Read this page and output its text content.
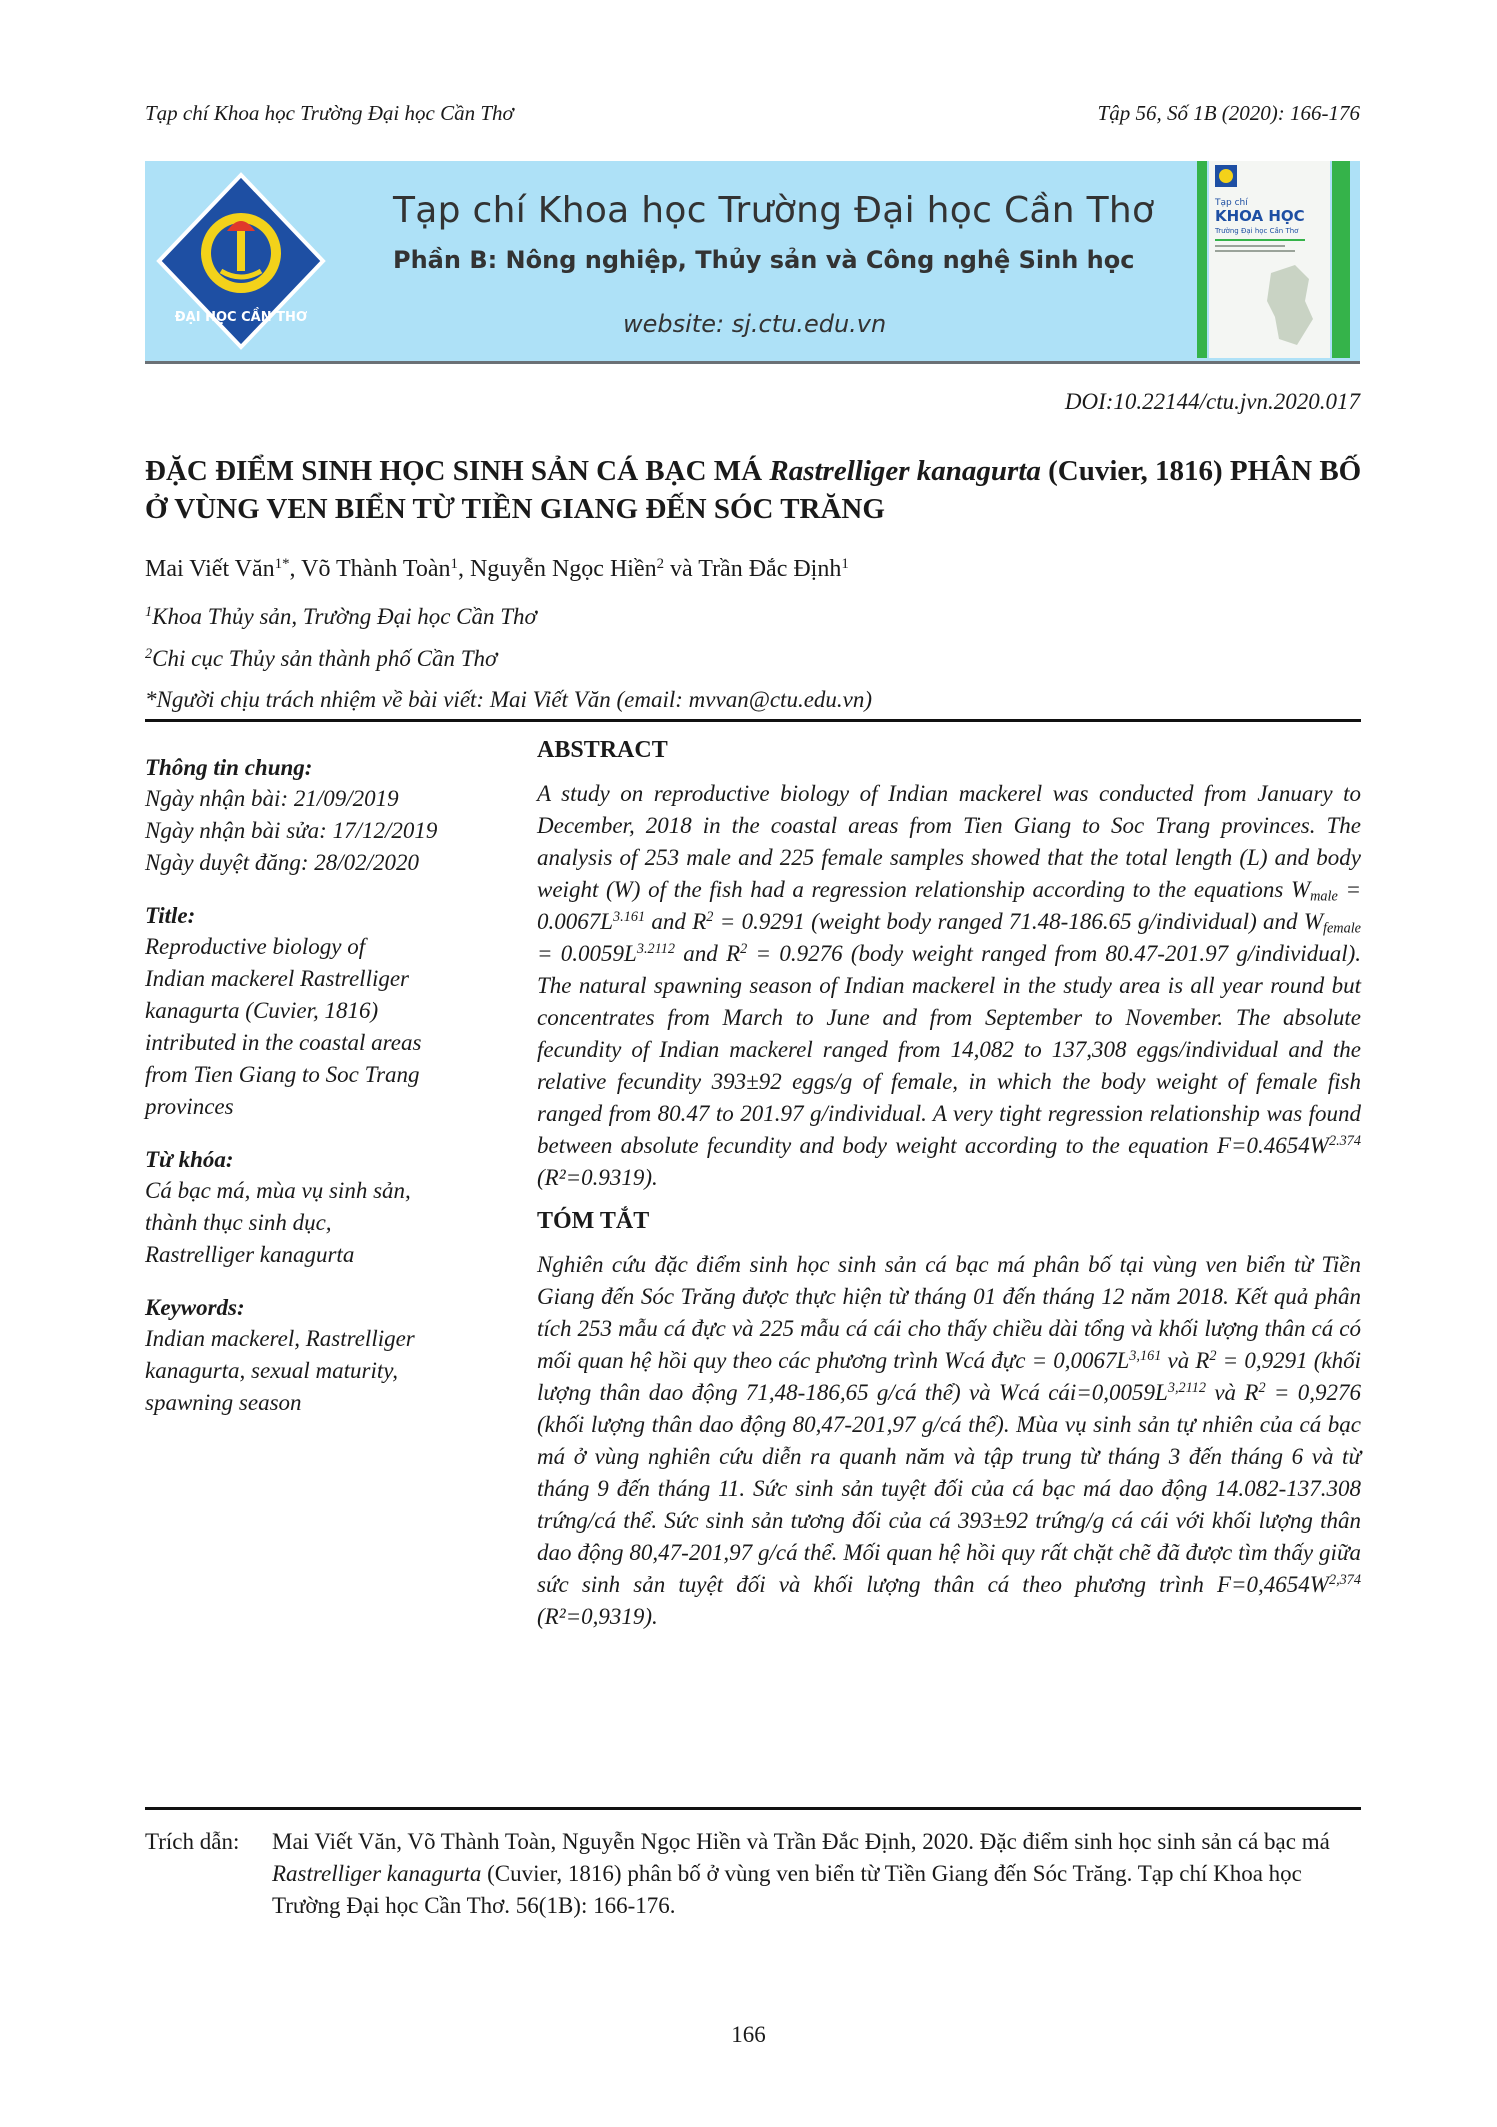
Tạp chí Khoa học Trường Đại học Cần Thơ	Tập 56, Số 1B (2020): 166-176
ĐẠI HỌC CẦN THƠ
Tạp chí Khoa học Trường Đại học Cần Thơ
Phần B: Nông nghiệp, Thủy sản và Công nghệ Sinh học
website: sj.ctu.edu.vn
Tạp chí
KHOA HỌC
Trường Đại học Cần Thơ
DOI:10.22144/ctu.jvn.2020.017
ĐẶC ĐIỂM SINH HỌC SINH SẢN CÁ BẠC MÁ Rastrelliger kanagurta (Cuvier, 1816) PHÂN BỐ Ở VÙNG VEN BIỂN TỪ TIỀN GIANG ĐẾN SÓC TRĂNG
Mai Viết Văn$^{1*}$, Võ Thành Toàn$^1$, Nguyễn Ngọc Hiền$^2$ và Trần Đắc Định$^1$
$^1$Khoa Thủy sản, Trường Đại học Cần Thơ
$^2$Chi cục Thủy sản thành phố Cần Thơ
*Người chịu trách nhiệm về bài viết: Mai Viết Văn (email: mvvan@ctu.edu.vn)
Thông tin chung:
Ngày nhận bài: 21/09/2019
Ngày nhận bài sửa: 17/12/2019
Ngày duyệt đăng: 28/02/2020
Title:
Reproductive biology of
Indian mackerel Rastrelliger
kanagurta (Cuvier, 1816)
intributed in the coastal areas
from Tien Giang to Soc Trang
provinces
Từ khóa:
Cá bạc má, mùa vụ sinh sản,
thành thục sinh dục,
Rastrelliger kanagurta
Keywords:
Indian mackerel, Rastrelliger
kanagurta, sexual maturity,
spawning season
ABSTRACT
A study on reproductive biology of Indian mackerel was conducted from January to December, 2018 in the coastal areas from Tien Giang to Soc Trang provinces. The analysis of 253 male and 225 female samples showed that the total length (L) and body weight (W) of the fish had a regression relationship according to the equations $W_{male} = 0.0067L^{3.161}$ and $R^2 = 0.9291$ (weight body ranged 71.48-186.65 g/individual) and $W_{female} = 0.0059L^{3.2112}$ and $R^2 = 0.9276$ (body weight ranged from 80.47-201.97 g/individual). The natural spawning season of Indian mackerel in the study area is all year round but concentrates from March to June and from September to November. The absolute fecundity of Indian mackerel ranged from 14,082 to 137,308 eggs/individual and the relative fecundity 393±92 eggs/g of female, in which the body weight of female fish ranged from 80.47 to 201.97 g/individual. A very tight regression relationship was found between absolute fecundity and body weight according to the equation $F=0.4654W^{2.374}$ (R²=0.9319).
TÓM TẮT
Nghiên cứu đặc điểm sinh học sinh sản cá bạc má phân bố tại vùng ven biển từ Tiền Giang đến Sóc Trăng được thực hiện từ tháng 01 đến tháng 12 năm 2018. Kết quả phân tích 253 mẫu cá đực và 225 mẫu cá cái cho thấy chiều dài tổng và khối lượng thân cá có mối quan hệ hồi quy theo các phương trình Wcá đực = $0,0067L^{3,161}$ và $R^2 = 0,9291$ (khối lượng thân dao động 71,48-186,65 g/cá thể) và Wcá $cái=0,0059L^{3,2112}$ và $R^2 = 0,9276$ (khối lượng thân dao động 80,47-201,97 g/cá thể). Mùa vụ sinh sản tự nhiên của cá bạc má ở vùng nghiên cứu diễn ra quanh năm và tập trung từ tháng 3 đến tháng 6 và từ tháng 9 đến tháng 11. Sức sinh sản tuyệt đối của cá bạc má dao động 14.082-137.308 trứng/cá thể. Sức sinh sản tương đối của cá 393±92 trứng/g cá cái với khối lượng thân dao động 80,47-201,97 g/cá thể. Mối quan hệ hồi quy rất chặt chẽ đã được tìm thấy giữa sức sinh sản tuyệt đối và khối lượng thân cá theo phương trình $F=0,4654W^{2,374}$ (R²=0,9319).
Trích dẫn: Mai Viết Văn, Võ Thành Toàn, Nguyễn Ngọc Hiền và Trần Đắc Định, 2020. Đặc điểm sinh học sinh sản cá bạc má Rastrelliger kanagurta (Cuvier, 1816) phân bố ở vùng ven biển từ Tiền Giang đến Sóc Trăng. Tạp chí Khoa học Trường Đại học Cần Thơ. 56(1B): 166-176.
166
